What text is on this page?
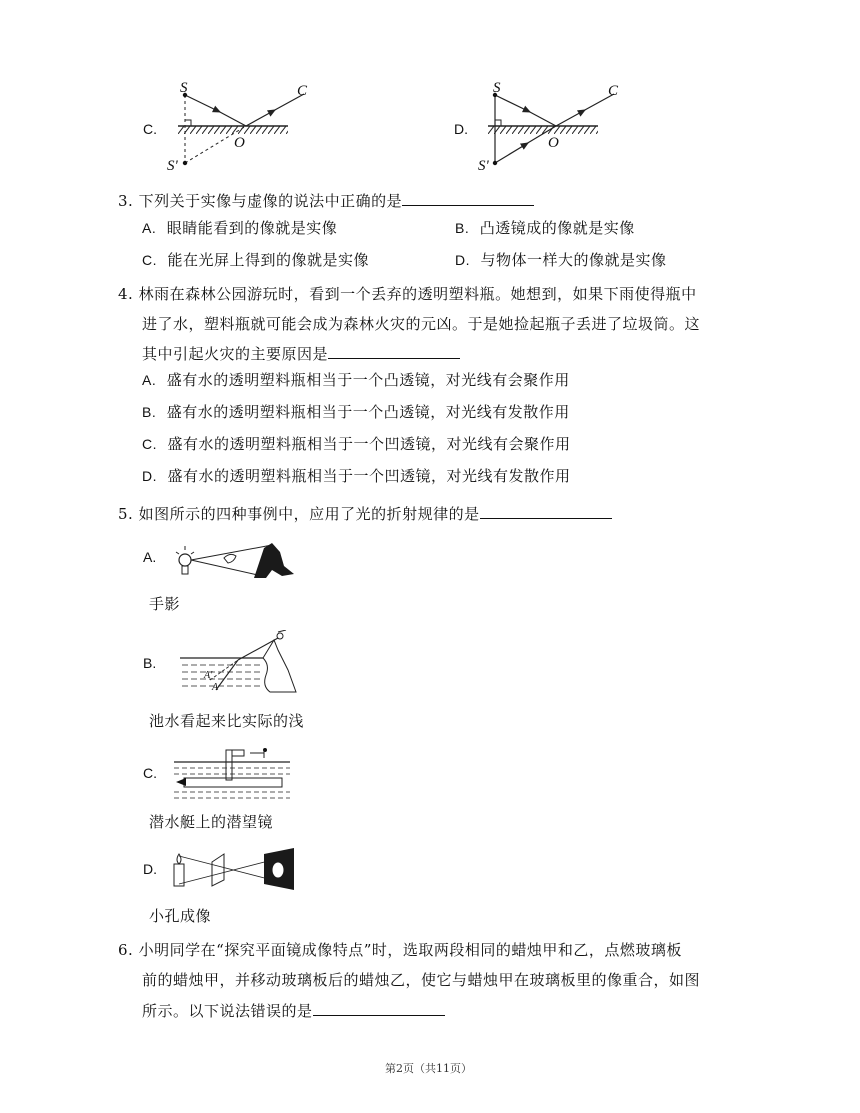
C.
S
S'
O
C
D.
S
S'
O
C
3. 下列关于实像与虚像的说法中正确的是
A. 眼睛能看到的像就是实像	B. 凸透镜成的像就是实像
C. 能在光屏上得到的像就是实像	D. 与物体一样大的像就是实像
4. 林雨在森林公园游玩时，看到一个丢弃的透明塑料瓶。她想到，如果下雨使得瓶中
进了水，塑料瓶就可能会成为森林火灾的元凶。于是她捡起瓶子丢进了垃圾筒。这
其中引起火灾的主要原因是
A. 盛有水的透明塑料瓶相当于一个凸透镜，对光线有会聚作用
B. 盛有水的透明塑料瓶相当于一个凸透镜，对光线有发散作用
C. 盛有水的透明塑料瓶相当于一个凹透镜，对光线有会聚作用
D. 盛有水的透明塑料瓶相当于一个凹透镜，对光线有发散作用
5. 如图所示的四种事例中，应用了光的折射规律的是
A.
手影
B.
A'
A
池水看起来比实际的浅
C.
潜水艇上的潜望镜
D.
小孔成像
6. 小明同学在“探究平面镜成像特点”时，选取两段相同的蜡烛甲和乙，点燃玻璃板
前的蜡烛甲，并移动玻璃板后的蜡烛乙，使它与蜡烛甲在玻璃板里的像重合，如图
所示。以下说法错误的是
第2页（共11页）
